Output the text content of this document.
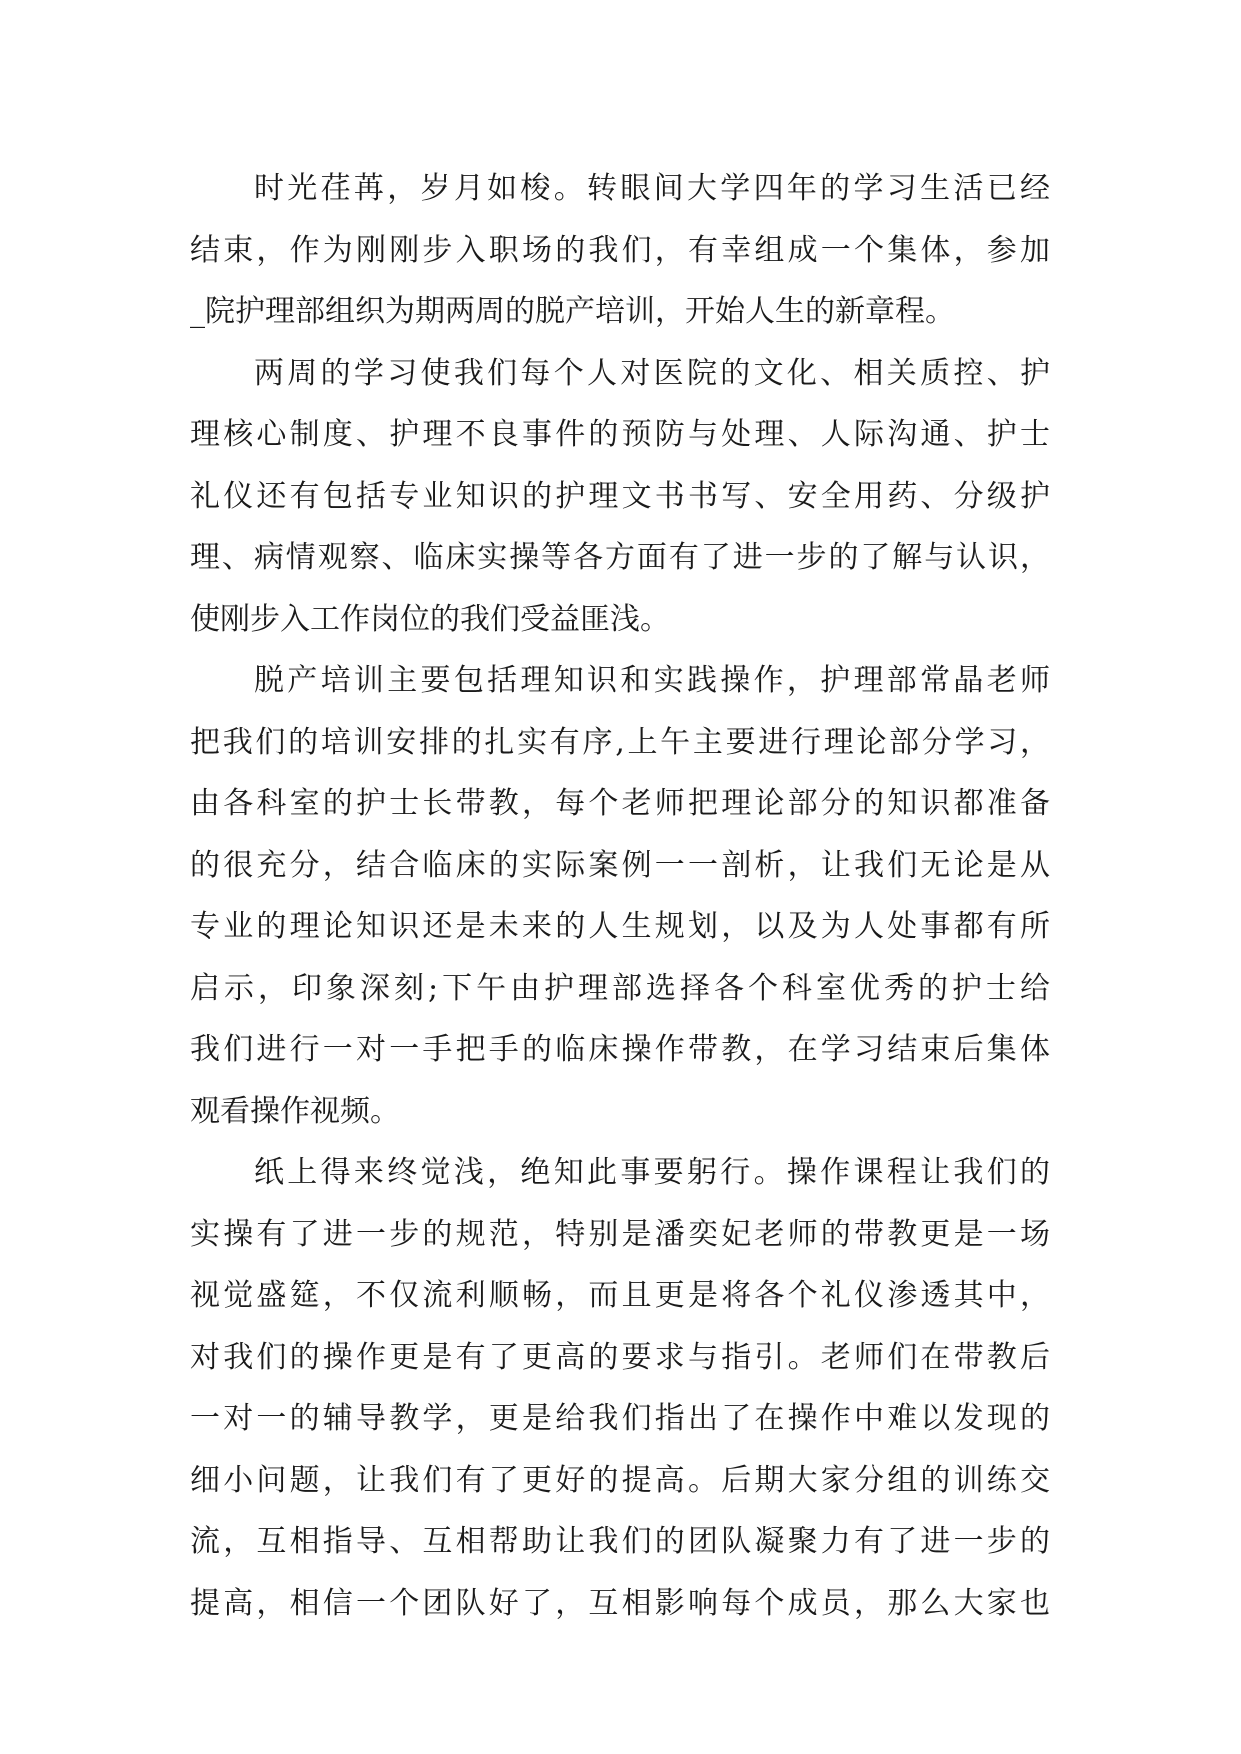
时光荏苒，岁月如梭。转眼间大学四年的学习生活已经
结束，作为刚刚步入职场的我们，有幸组成一个集体，参加
_院护理部组织为期两周的脱产培训，开始人生的新章程。
两周的学习使我们每个人对医院的文化、相关质控、护
理核心制度、护理不良事件的预防与处理、人际沟通、护士
礼仪还有包括专业知识的护理文书书写、安全用药、分级护
理、病情观察、临床实操等各方面有了进一步的了解与认识，
使刚步入工作岗位的我们受益匪浅。
脱产培训主要包括理知识和实践操作，护理部常晶老师
把我们的培训安排的扎实有序,上午主要进行理论部分学习，
由各科室的护士长带教，每个老师把理论部分的知识都准备
的很充分，结合临床的实际案例一一剖析，让我们无论是从
专业的理论知识还是未来的人生规划，以及为人处事都有所
启示，印象深刻;下午由护理部选择各个科室优秀的护士给
我们进行一对一手把手的临床操作带教，在学习结束后集体
观看操作视频。
纸上得来终觉浅，绝知此事要躬行。操作课程让我们的
实操有了进一步的规范，特别是潘奕妃老师的带教更是一场
视觉盛筵，不仅流利顺畅，而且更是将各个礼仪渗透其中，
对我们的操作更是有了更高的要求与指引。老师们在带教后
一对一的辅导教学，更是给我们指出了在操作中难以发现的
细小问题，让我们有了更好的提高。后期大家分组的训练交
流，互相指导、互相帮助让我们的团队凝聚力有了进一步的
提高，相信一个团队好了，互相影响每个成员，那么大家也
